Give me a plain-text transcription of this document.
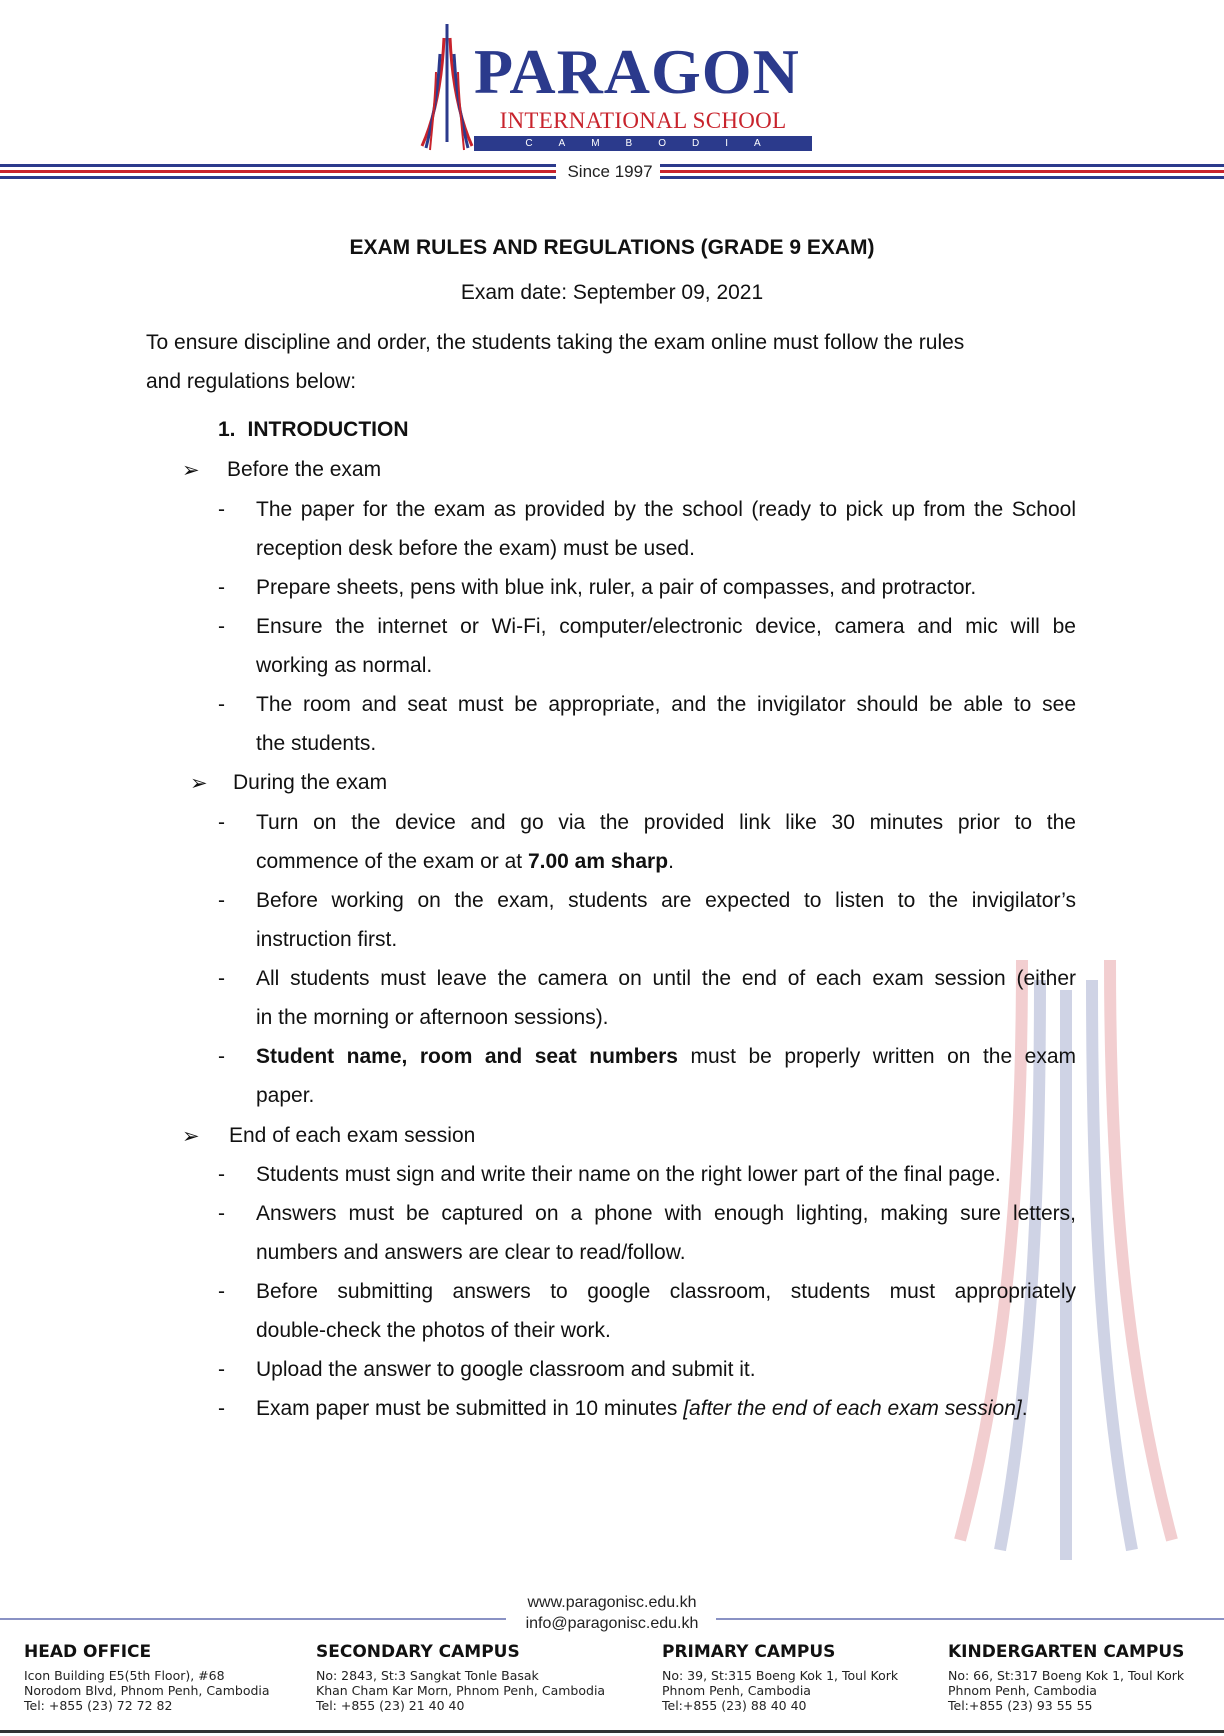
PARAGON
INTERNATIONAL SCHOOL
CAMBODIA
Since 1997
EXAM RULES AND REGULATIONS (GRADE 9 EXAM)
Exam date: September 09, 2021
To ensure discipline and order, the students taking the exam online must follow the rules
and regulations below:
1. INTRODUCTION
➢ Before the exam
- The paper for the exam as provided by the school (ready to pick up from the School
reception desk before the exam) must be used.
- Prepare sheets, pens with blue ink, ruler, a pair of compasses, and protractor.
- Ensure the internet or Wi-Fi, computer/electronic device, camera and mic will be
working as normal.
- The room and seat must be appropriate, and the invigilator should be able to see
the students.
➢ During the exam
- Turn on the device and go via the provided link like 30 minutes prior to the
commence of the exam or at 7.00 am sharp.
- Before working on the exam, students are expected to listen to the invigilator’s
instruction first.
- All students must leave the camera on until the end of each exam session (either
in the morning or afternoon sessions).
- Student name, room and seat numbers must be properly written on the exam
paper.
➢ End of each exam session
- Students must sign and write their name on the right lower part of the final page.
- Answers must be captured on a phone with enough lighting, making sure letters,
numbers and answers are clear to read/follow.
- Before submitting answers to google classroom, students must appropriately
double-check the photos of their work.
- Upload the answer to google classroom and submit it.
- Exam paper must be submitted in 10 minutes [after the end of each exam session].
www.paragonisc.edu.kh
info@paragonisc.edu.kh
HEAD OFFICE
Icon Building E5(5th Floor), #68
Norodom Blvd, Phnom Penh, Cambodia
Tel: +855 (23) 72 72 82
SECONDARY CAMPUS
No: 2843, St:3 Sangkat Tonle Basak
Khan Cham Kar Morn, Phnom Penh, Cambodia
Tel: +855 (23) 21 40 40
PRIMARY CAMPUS
No: 39, St:315 Boeng Kok 1, Toul Kork
Phnom Penh, Cambodia
Tel:+855 (23) 88 40 40
KINDERGARTEN CAMPUS
No: 66, St:317 Boeng Kok 1, Toul Kork
Phnom Penh, Cambodia
Tel:+855 (23) 93 55 55
